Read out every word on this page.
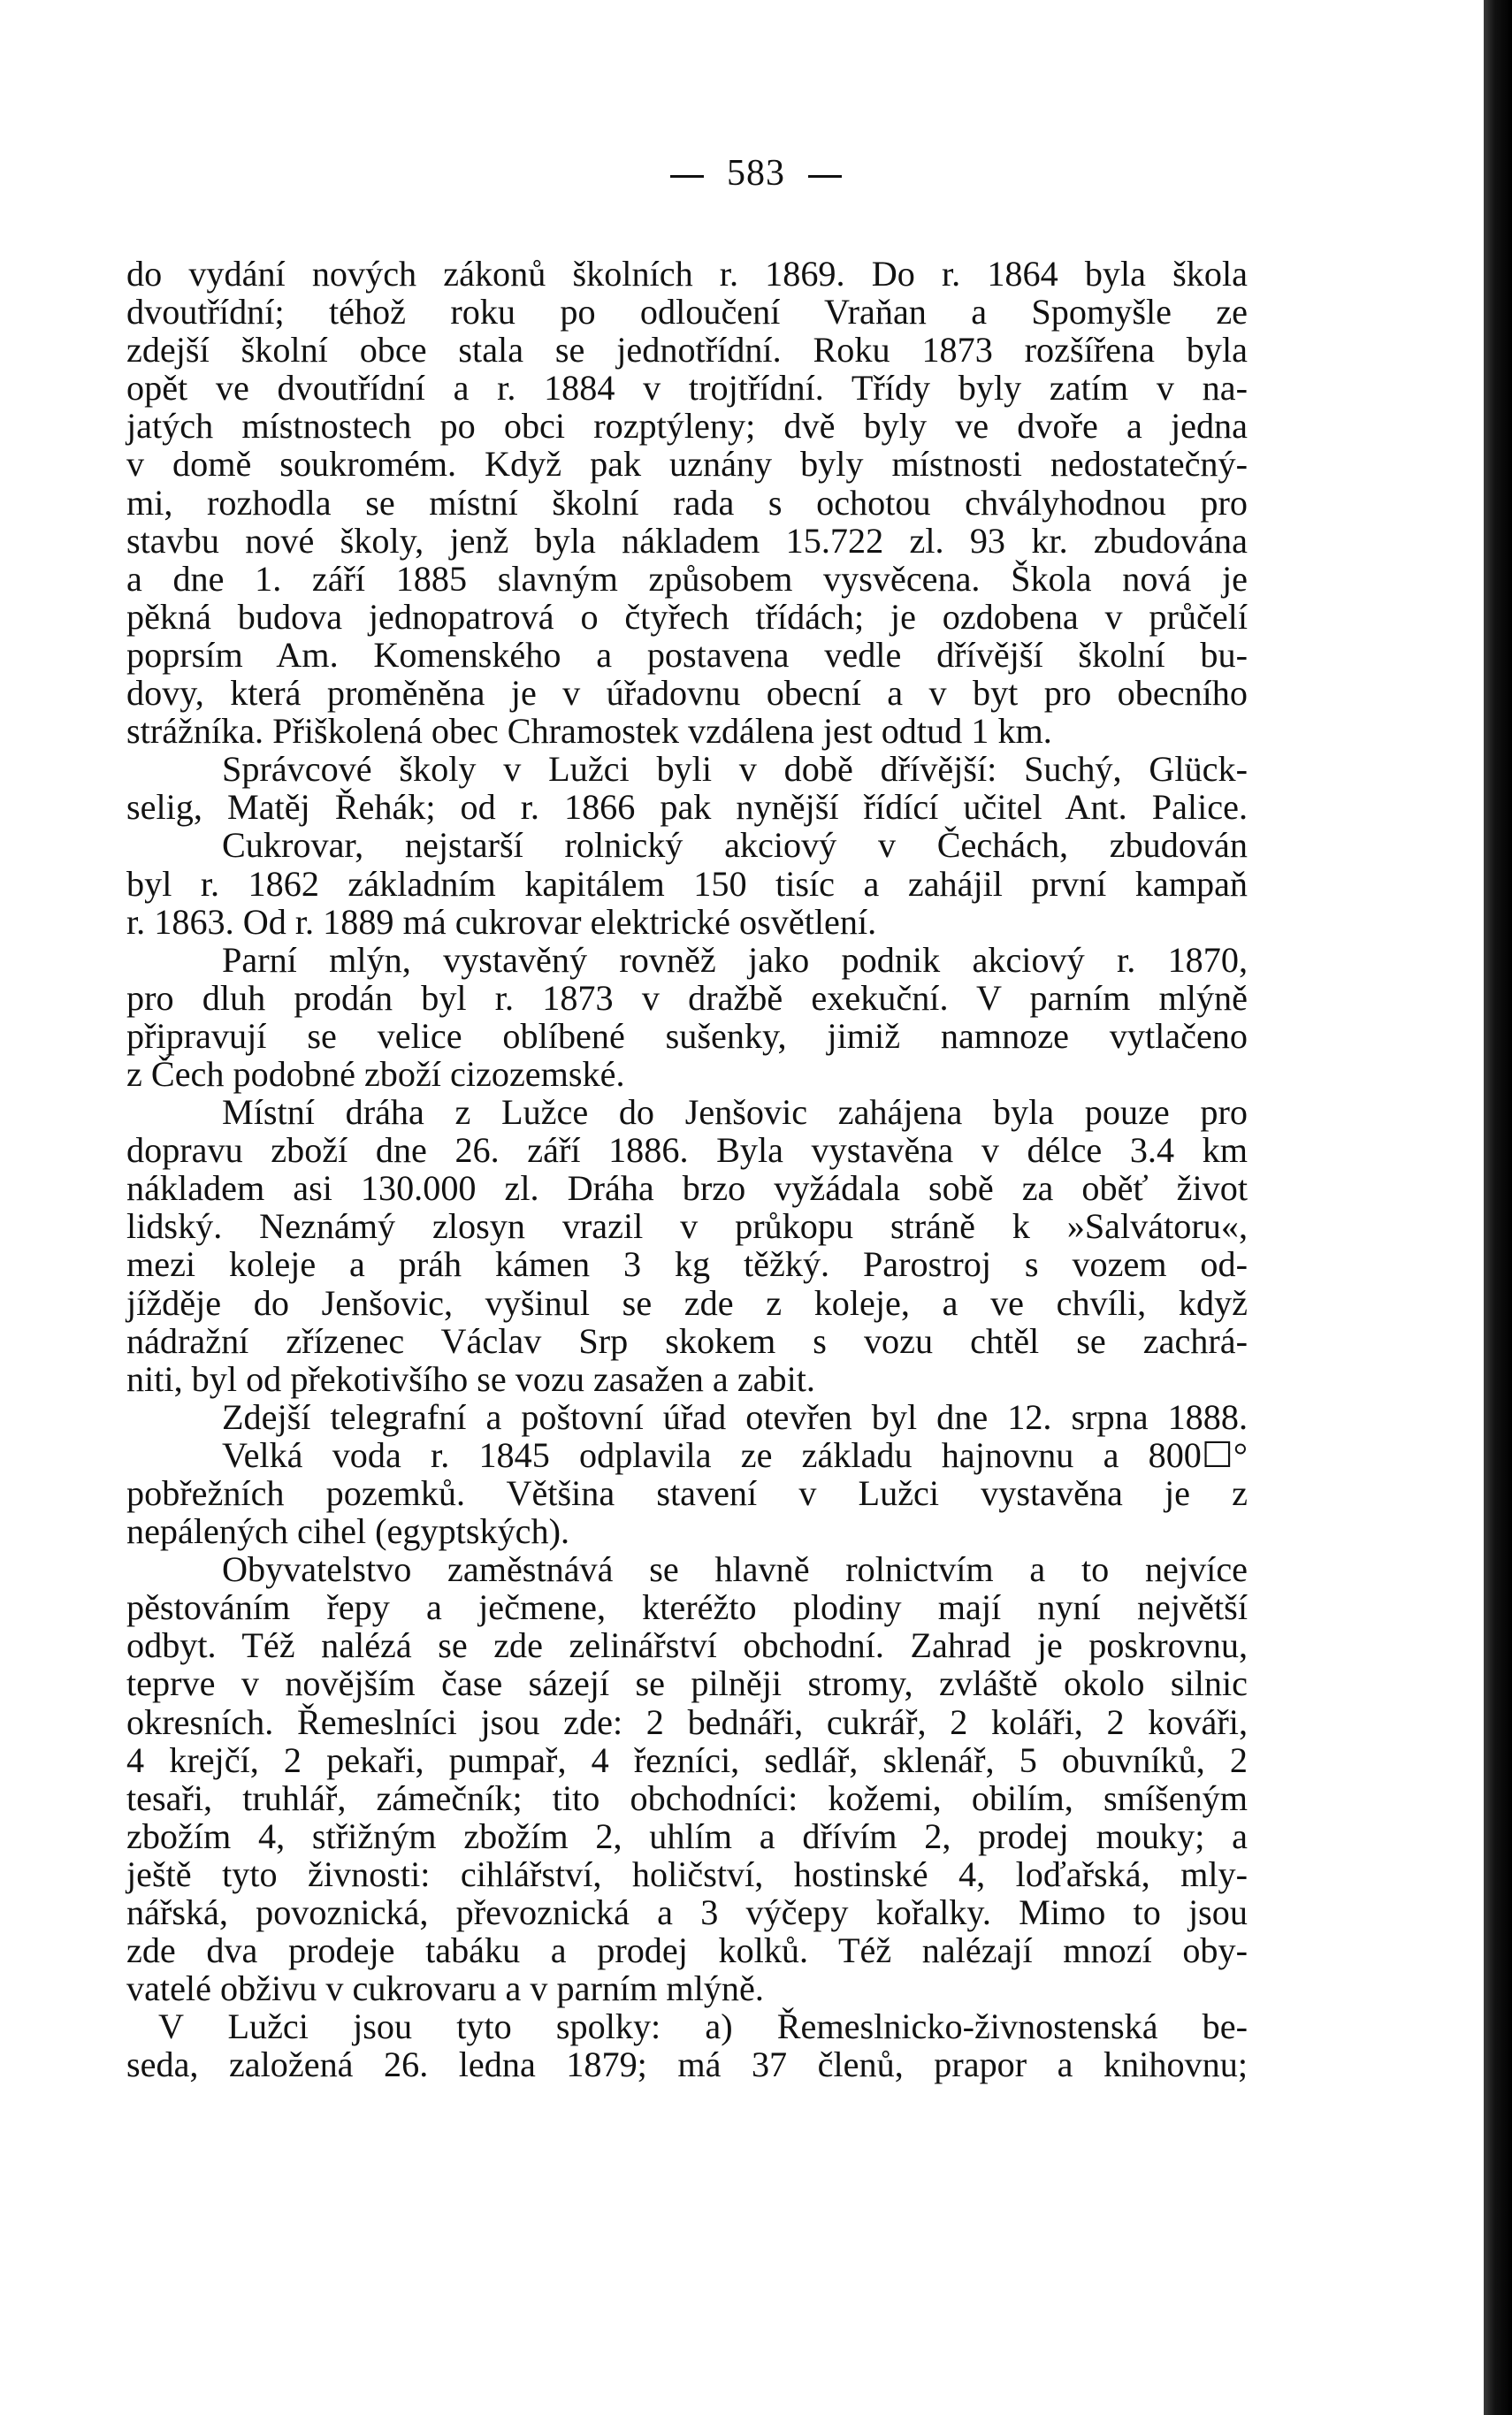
583
do vydání nových zákonů školních r. 1869. Do r. 1864 byla škola
dvoutřídní; téhož roku po odloučení Vraňan a Spomyšle ze
zdejší školní obce stala se jednotřídní. Roku 1873 rozšířena byla
opět ve dvoutřídní a r. 1884 v trojtřídní. Třídy byly zatím v na-
jatých místnostech po obci rozptýleny; dvě byly ve dvoře a jedna
v domě soukromém. Když pak uznány byly místnosti nedostatečný-
mi, rozhodla se místní školní rada s ochotou chvályhodnou pro
stavbu nové školy, jenž byla nákladem 15.722 zl. 93 kr. zbudována
a dne 1. září 1885 slavným způsobem vysvěcena. Škola nová je
pěkná budova jednopatrová o čtyřech třídách; je ozdobena v průčelí
poprsím Am. Komenského a postavena vedle dřívější školní bu-
dovy, která proměněna je v úřadovnu obecní a v byt pro obecního
strážníka. Přiškolená obec Chramostek vzdálena jest odtud 1 km.
Správcové školy v Lužci byli v době dřívější: Suchý, Glück-
selig, Matěj Řehák; od r. 1866 pak nynější řídící učitel Ant. Palice.
Cukrovar, nejstarší rolnický akciový v Čechách, zbudován
byl r. 1862 základním kapitálem 150 tisíc a zahájil první kampaň
r. 1863. Od r. 1889 má cukrovar elektrické osvětlení.
Parní mlýn, vystavěný rovněž jako podnik akciový r. 1870,
pro dluh prodán byl r. 1873 v dražbě exekuční. V parním mlýně
připravují se velice oblíbené sušenky, jimiž namnoze vytlačeno
z Čech podobné zboží cizozemské.
Místní dráha z Lužce do Jenšovic zahájena byla pouze pro
dopravu zboží dne 26. září 1886. Byla vystavěna v délce 3.4 km
nákladem asi 130.000 zl. Dráha brzo vyžádala sobě za oběť život
lidský. Neznámý zlosyn vrazil v průkopu stráně k »Salvátoru«,
mezi koleje a práh kámen 3 kg těžký. Parostroj s vozem od-
jížděje do Jenšovic, vyšinul se zde z koleje, a ve chvíli, když
nádražní zřízenec Václav Srp skokem s vozu chtěl se zachrá-
niti, byl od překotivšího se vozu zasažen a zabit.
Zdejší telegrafní a poštovní úřad otevřen byl dne 12. srpna 1888.
Velká voda r. 1845 odplavila ze základu hajnovnu a 800☐°
pobřežních pozemků. Většina stavení v Lužci vystavěna je z
nepálených cihel (egyptských).
Obyvatelstvo zaměstnává se hlavně rolnictvím a to nejvíce
pěstováním řepy a ječmene, kteréžto plodiny mají nyní největší
odbyt. Též nalézá se zde zelinářství obchodní. Zahrad je poskrovnu,
teprve v novějším čase sázejí se pilněji stromy, zvláště okolo silnic
okresních. Řemeslníci jsou zde: 2 bednáři, cukrář, 2 koláři, 2 kováři,
4 krejčí, 2 pekaři, pumpař, 4 řezníci, sedlář, sklenář, 5 obuvníků, 2
tesaři, truhlář, zámečník; tito obchodníci: kožemi, obilím, smíšeným
zbožím 4, střižným zbožím 2, uhlím a dřívím 2, prodej mouky; a
ještě tyto živnosti: cihlářství, holičství, hostinské 4, loďařská, mly-
nářská, povoznická, převoznická a 3 výčepy kořalky. Mimo to jsou
zde dva prodeje tabáku a prodej kolků. Též nalézají mnozí oby-
vatelé obživu v cukrovaru a v parním mlýně.
V Lužci jsou tyto spolky: a) Řemeslnicko-živnostenská be-
seda, založená 26. ledna 1879; má 37 členů, prapor a knihovnu;
